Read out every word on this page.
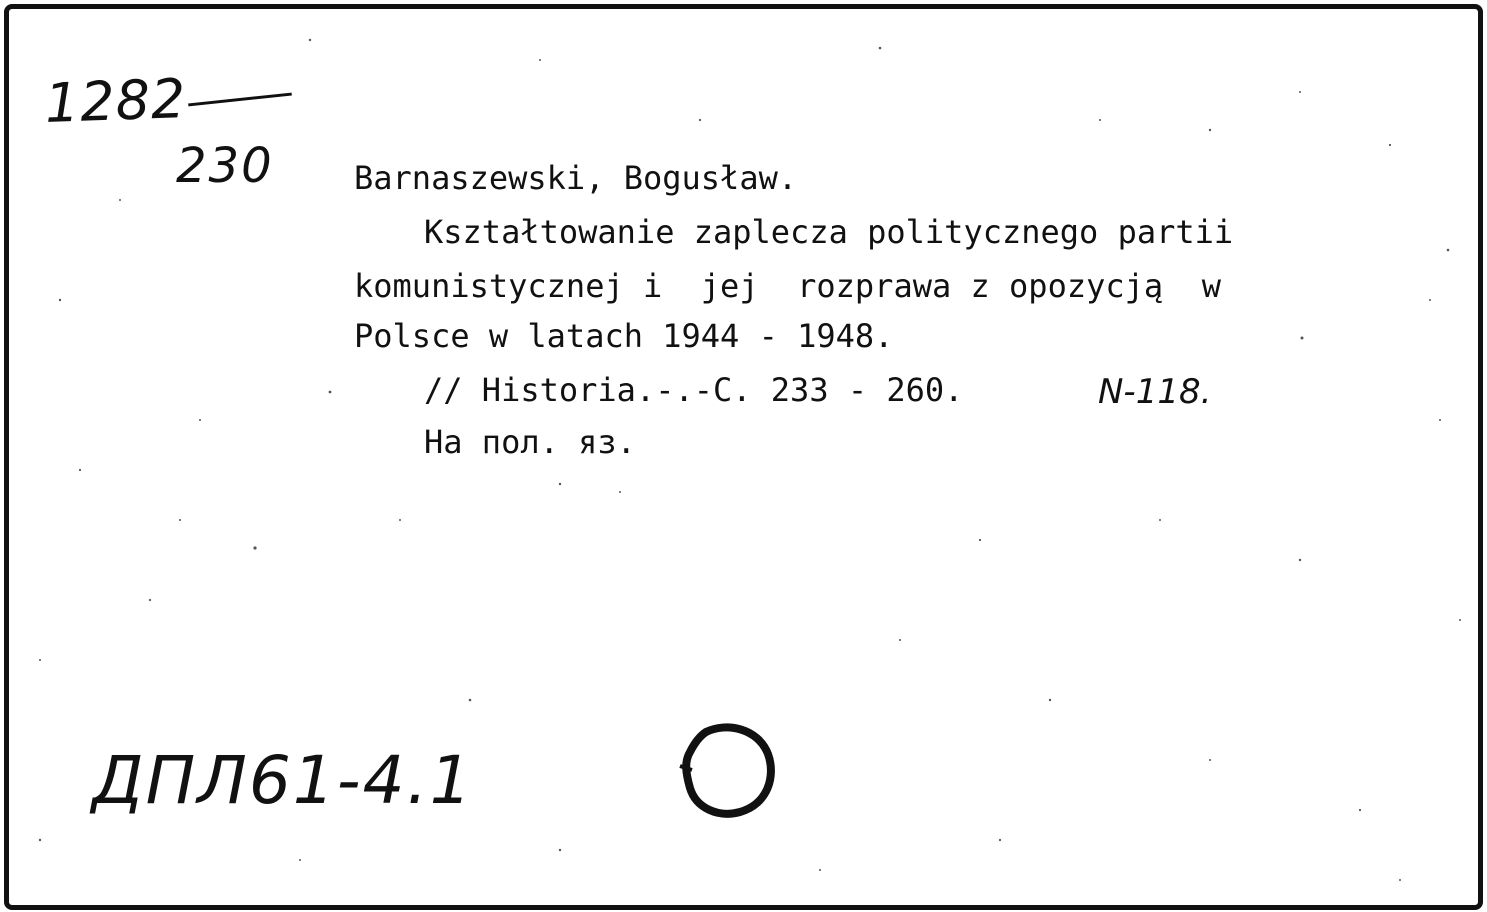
1282
230	Barnaszewski, Bogusław.
Kształtowanie zaplecza politycznego partii
komunistycznej i  jej  rozprawa z opozycją  w
Polsce w latach 1944 - 1948.
// Historia.-.-C. 233 - 260.	N-118.
На пол. яз.
ДПЛ61-4.1
